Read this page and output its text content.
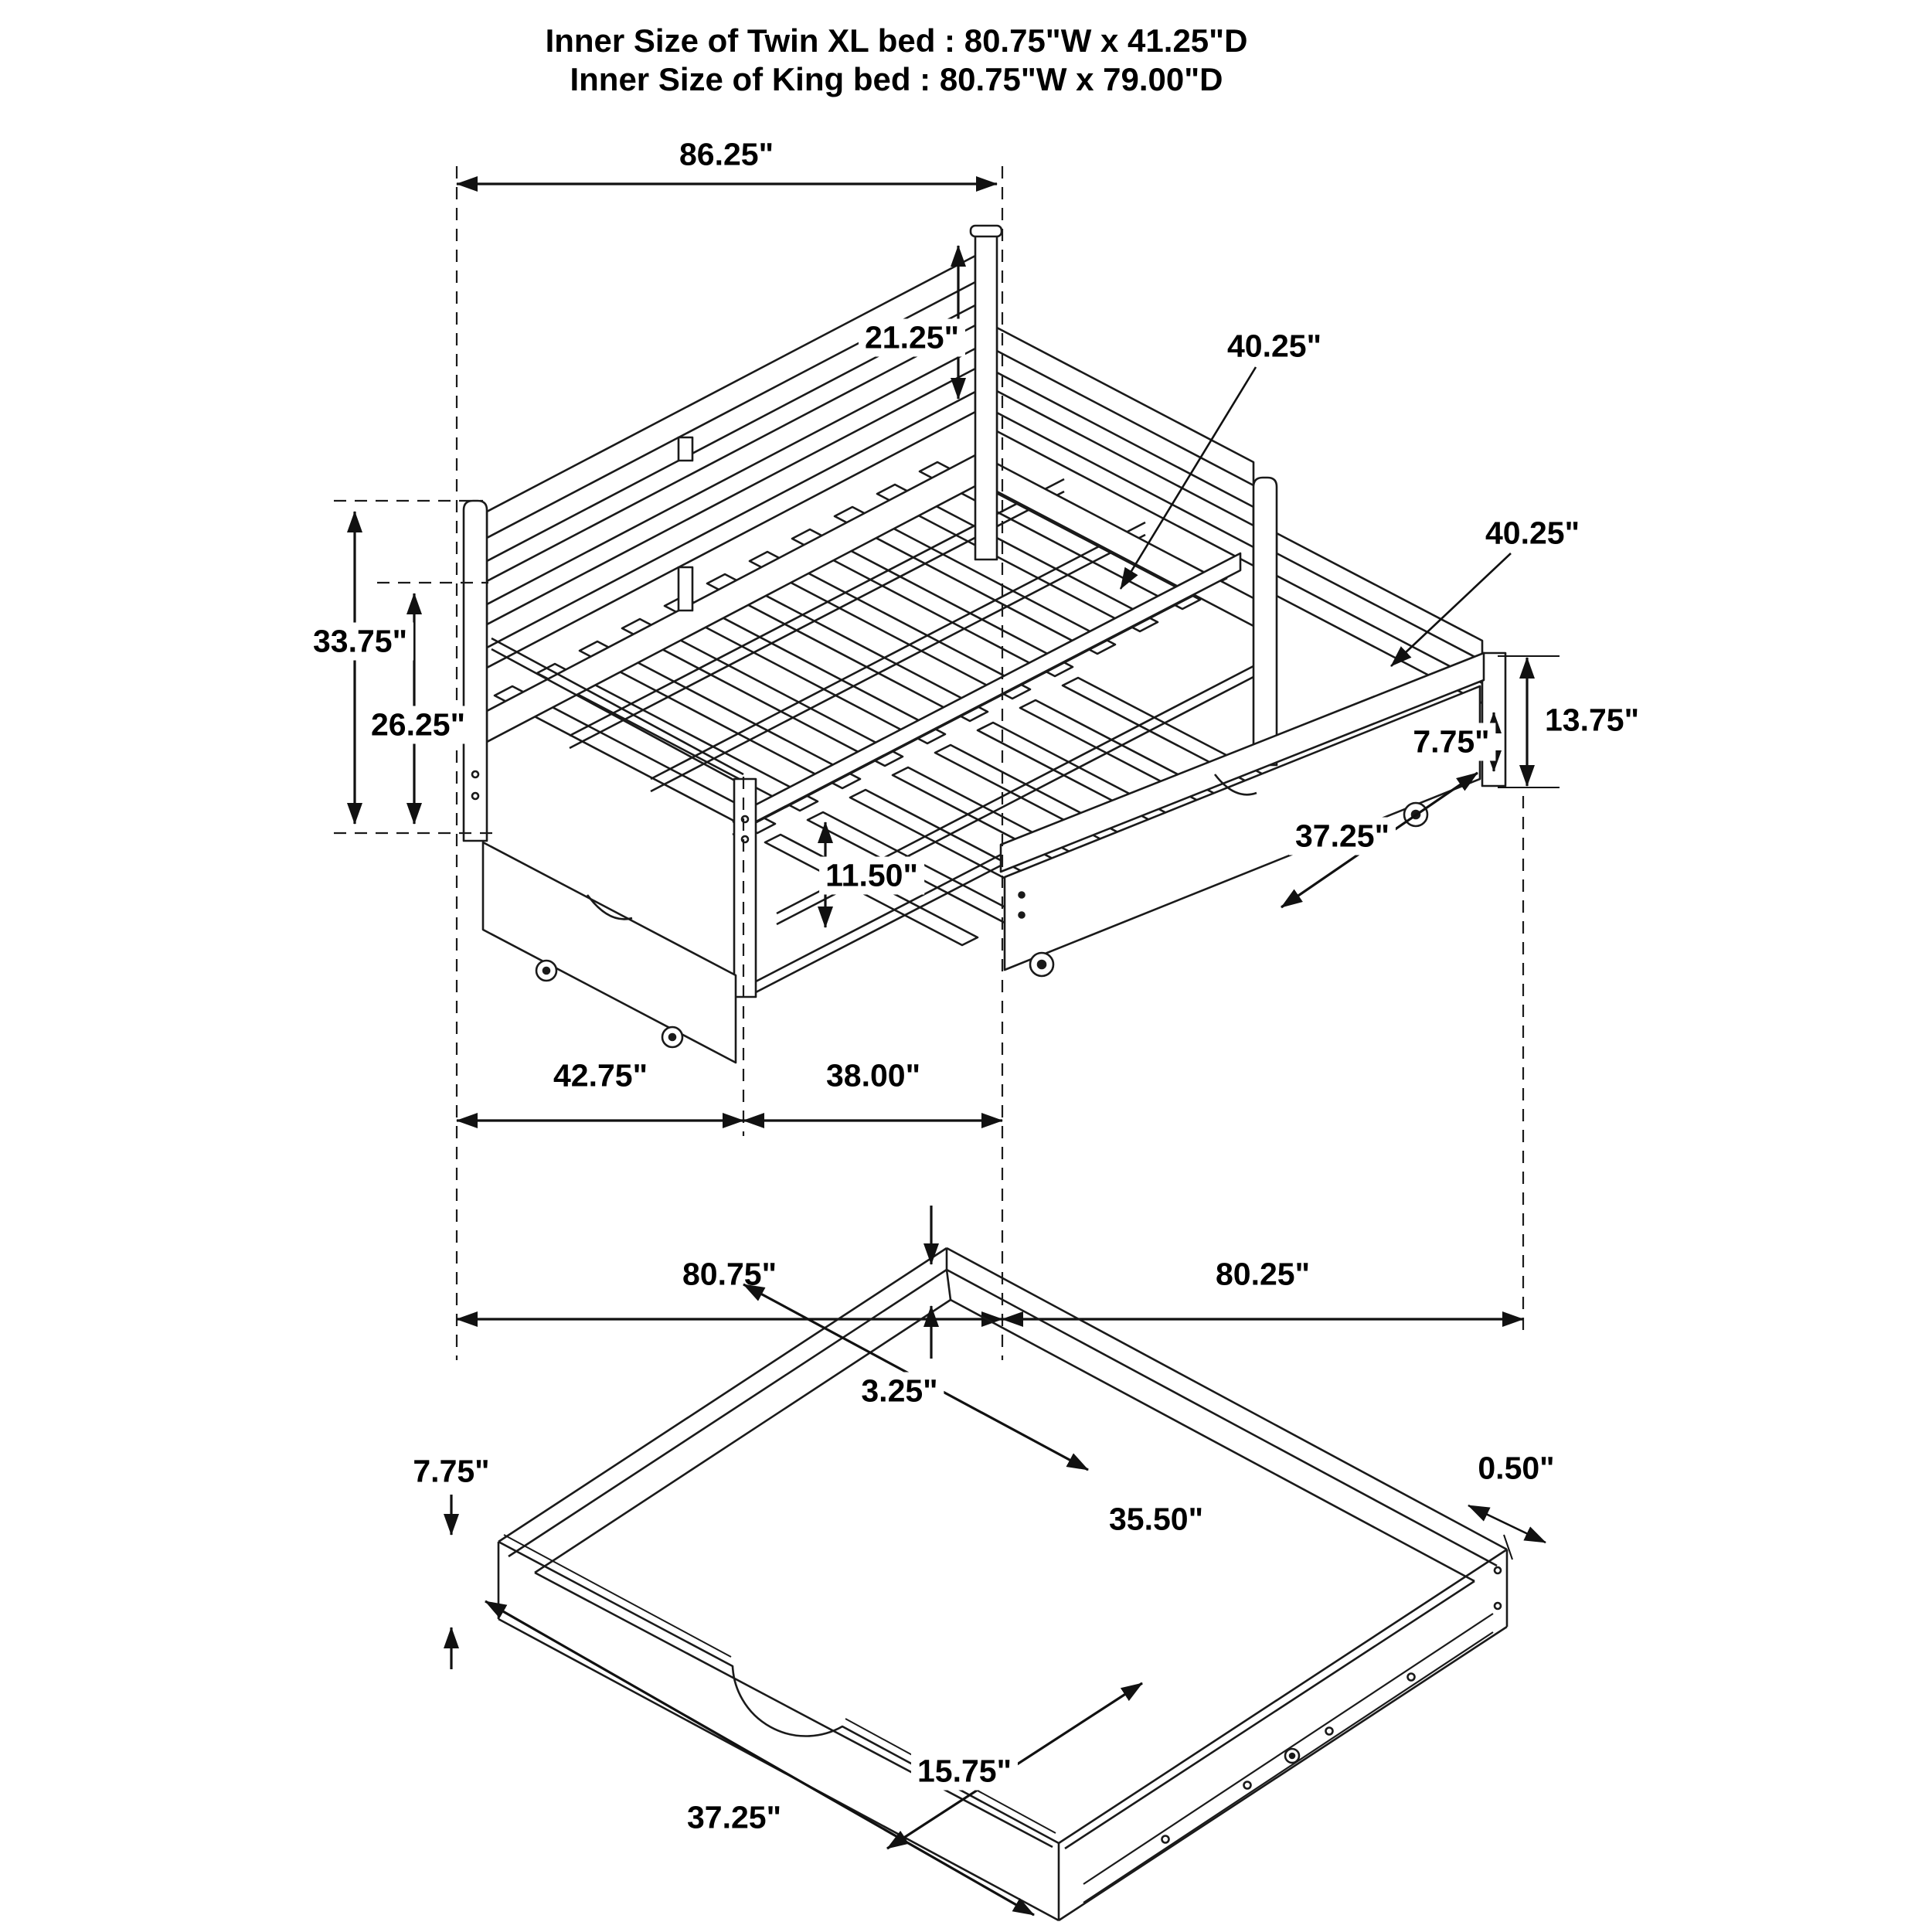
Inner Size of Twin XL bed : 80.75"W x 41.25"D
Inner Size of King bed : 80.75"W x 79.00"D
86.25"
21.25"	40.25"
40.25"
33.75"
26.25"	13.75"
7.75"
37.25"
11.50"
42.75"	38.00"
80.75"	80.25"
3.25"
35.50"
0.50"
7.75"
15.75"
37.25"
